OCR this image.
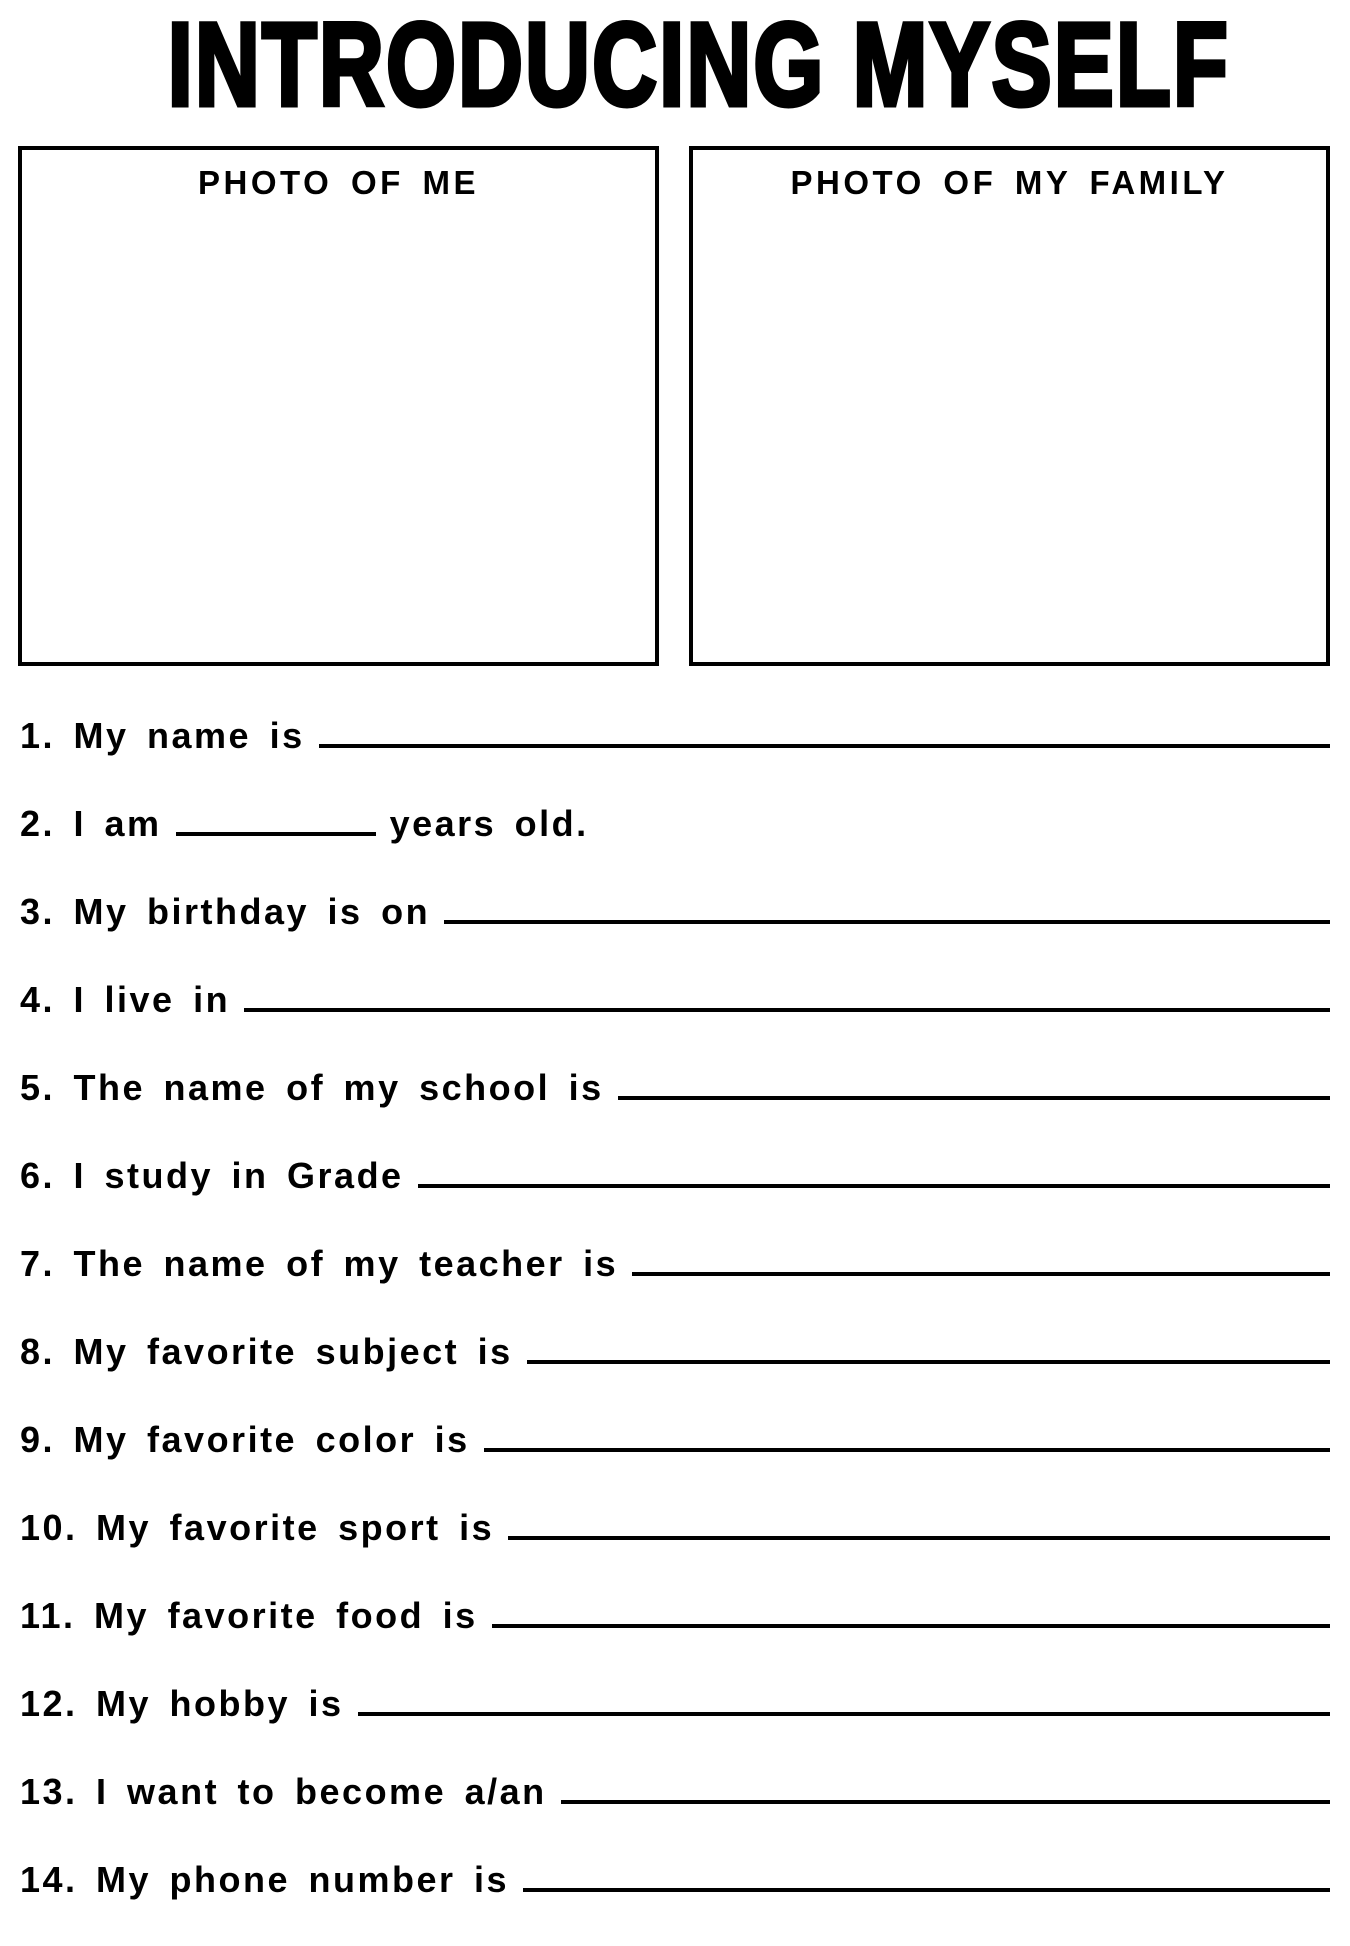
INTRODUCING MYSELF
PHOTO OF ME	PHOTO OF MY FAMILY
1. My name is
2. I am	years old.
3. My birthday is on
4. I live in
5. The name of my school is
6. I study in Grade
7. The name of my teacher is
8. My favorite subject is
9. My favorite color is
10. My favorite sport is
11. My favorite food is
12. My hobby is
13. I want to become a/an
14. My phone number is
